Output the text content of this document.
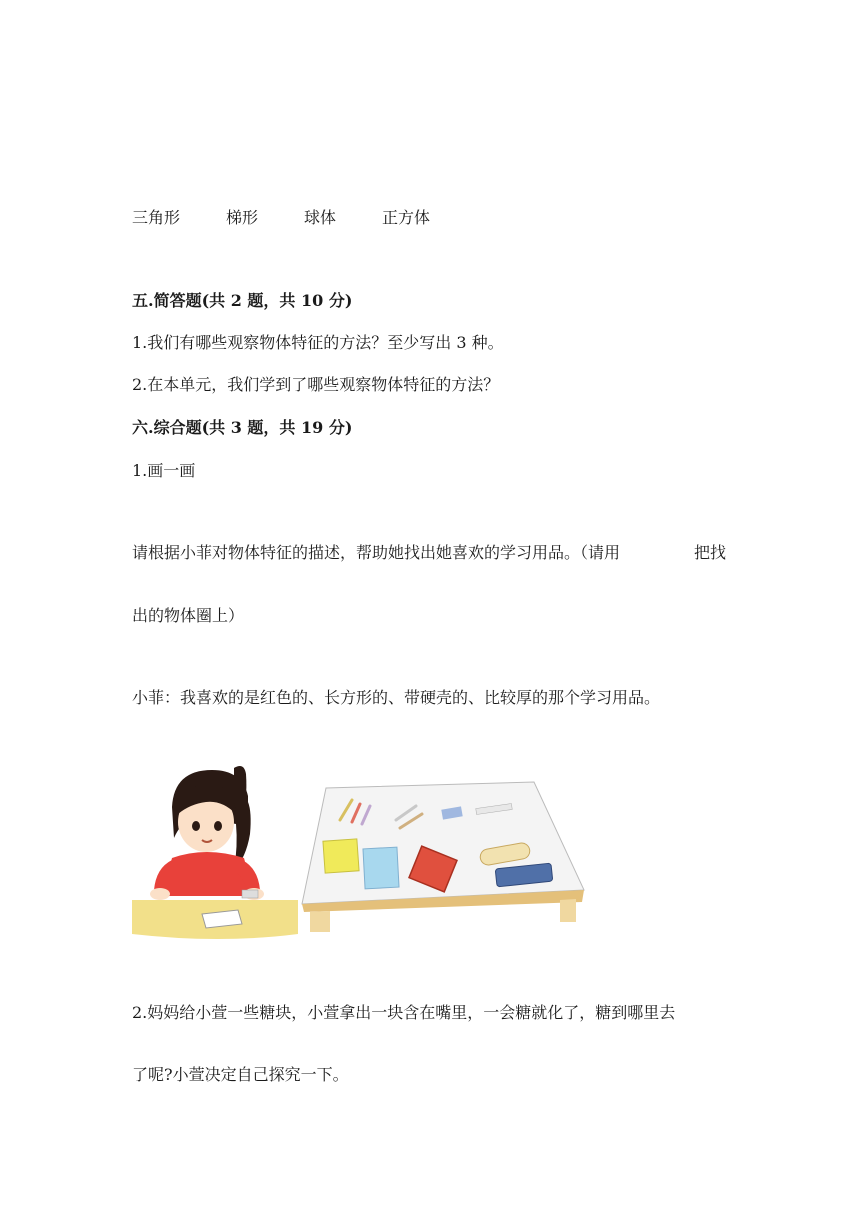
三角形	梯形	球体	正方体
五.简答题(共 2 题，共 10 分)
1.我们有哪些观察物体特征的方法？至少写出 3 种。
2.在本单元，我们学到了哪些观察物体特征的方法？
六.综合题(共 3 题，共 19 分)
1.画一画
请根据小菲对物体特征的描述，帮助她找出她喜欢的学习用品。（请用	把找
出的物体圈上）
小菲：我喜欢的是红色的、长方形的、带硬壳的、比较厚的那个学习用品。
2.妈妈给小萱一些糖块，小萱拿出一块含在嘴里，一会糖就化了，糖到哪里去
了呢?小萱决定自己探究一下。
